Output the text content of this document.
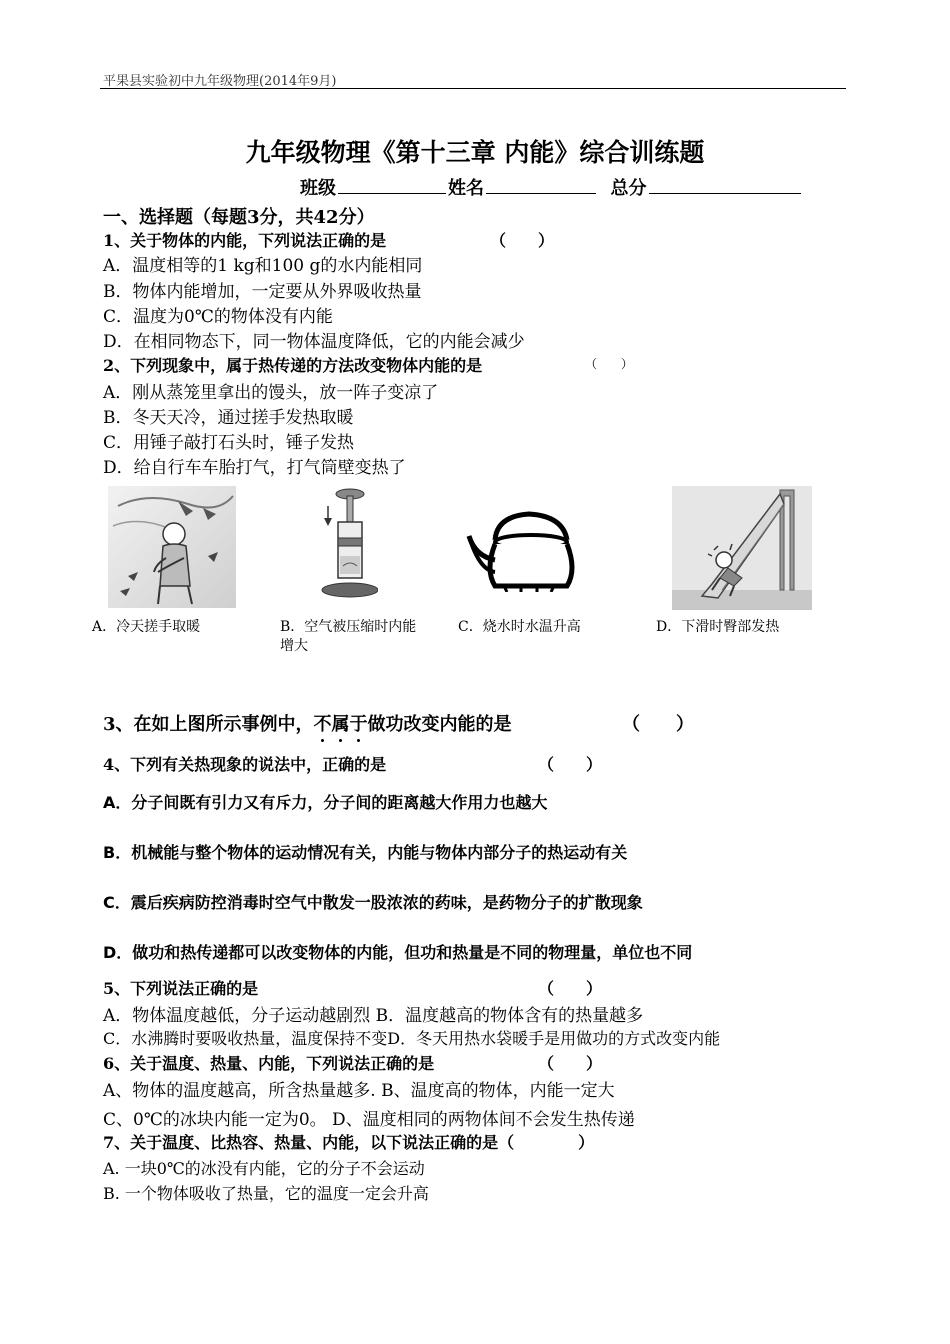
平果县实验初中九年级物理(2014年9月)
九年级物理《第十三章 内能》综合训练题
班级	姓名	总分
一、选择题（每题3分，共42分）
1、关于物体的内能，下列说法正确的是	（　　）
A．温度相等的1 kg和100 g的水内能相同
B．物体内能增加，一定要从外界吸收热量
C．温度为0℃的物体没有内能
D．在相同物态下，同一物体温度降低，它的内能会减少
2、下列现象中，属于热传递的方法改变物体内能的是	（　　）
A．刚从蒸笼里拿出的馒头，放一阵子变凉了
B．冬天天冷，通过搓手发热取暖
C．用锤子敲打石头时，锤子发热
D．给自行车车胎打气，打气筒壁变热了
A．冷天搓手取暖	B．空气被压缩时内能增大
C．烧水时水温升高	D．下滑时臀部发热
3、在如上图所示事例中，不属于做功改变内能的是	（　　）
4、下列有关热现象的说法中，正确的是	（　　）
A．分子间既有引力又有斥力，分子间的距离越大作用力也越大
B．机械能与整个物体的运动情况有关，内能与物体内部分子的热运动有关
C．震后疾病防控消毒时空气中散发一股浓浓的药味，是药物分子的扩散现象
D．做功和热传递都可以改变物体的内能，但功和热量是不同的物理量，单位也不同
5、下列说法正确的是	（　　）
A．物体温度越低，分子运动越剧烈 B．温度越高的物体含有的热量越多
C．水沸腾时要吸收热量，温度保持不变D．冬天用热水袋暖手是用做功的方式改变内能
6、关于温度、热量、内能，下列说法正确的是	（　　）
A、物体的温度越高，所含热量越多. B、温度高的物体，内能一定大
C、0℃的冰块内能一定为0。 D、温度相同的两物体间不会发生热传递
7、关于温度、比热容、热量、内能，以下说法正确的是（　　　　）
A. 一块0℃的冰没有内能，它的分子不会运动
B. 一个物体吸收了热量，它的温度一定会升高
